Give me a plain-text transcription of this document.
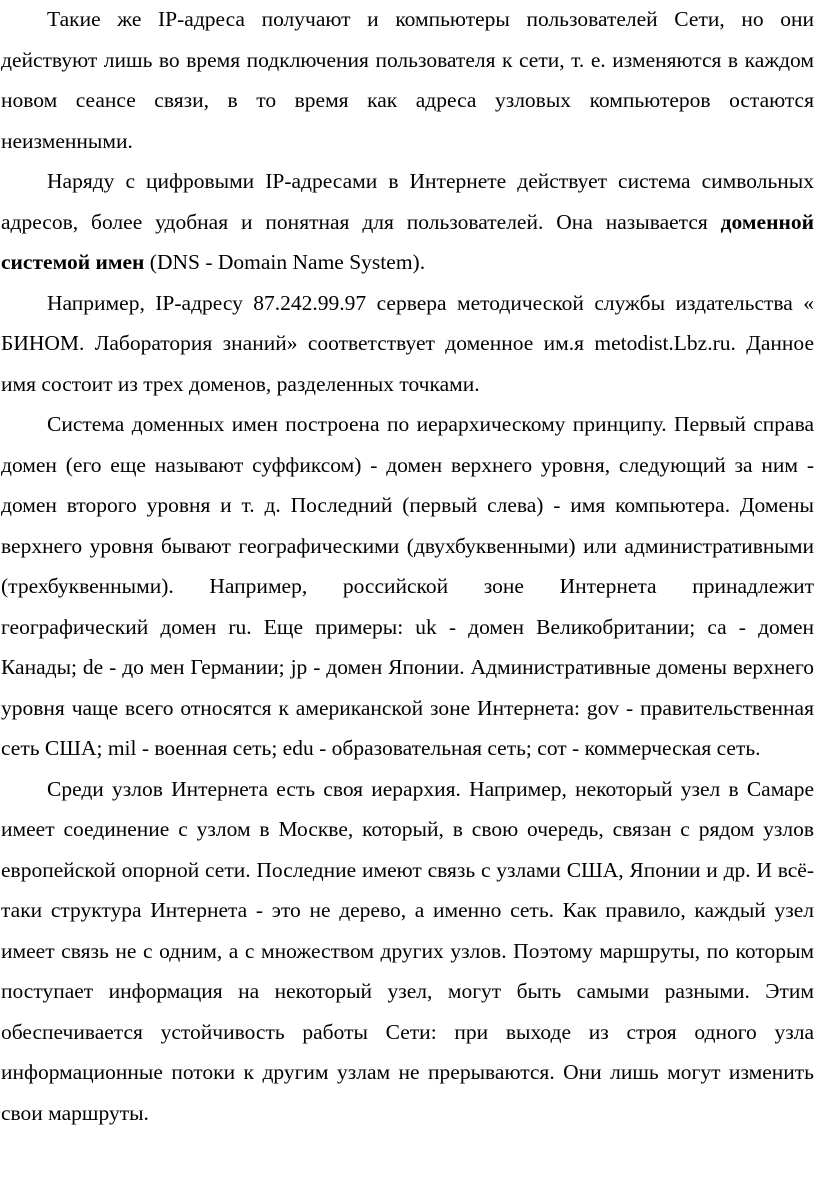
Такие же IP-адреса получают и компьютеры пользователей Сети, но они действуют лишь во время подключения пользователя к сети, т. е. изменяются в каждом новом сеансе связи, в то время как адреса узловых компьютеров остаются неизменными.

Наряду с цифровыми IP-адресами в Интернете действует система символьных адресов, более удобная и понятная для пользователей. Она называется доменной системой имен (DNS - Domain Name System).

Например, IP-адресу 87.242.99.97 сервера методической службы издательства « БИНОМ. Лаборатория знаний» соответствует доменное им.я metodist.Lbz.ru. Данное имя состоит из трех доменов, разделенных точками.

Система доменных имен построена по иерархическому принципу. Первый справа домен (его еще называют суффиксом) - домен верхнего уровня, следующий за ним - домен второго уровня и т. д. Последний (первый слева) - имя компьютера. Домены верхнего уровня бывают географическими (двухбуквенными) или административными (трехбуквенными). Например, российской зоне Интернета принадлежит географический домен ru. Еще примеры: uk - домен Великобритании; са - домен Канады; de - до мен Германии; jp - домен Японии. Административные домены верхнего уровня чаще всего относятся к американской зоне Интернета: gov - правительственная сеть США; mil - военная сеть; edu - образовательная сеть; сот - коммерческая сеть.

Среди узлов Интернета есть своя иерархия. Например, некоторый узел в Самаре имеет соединение с узлом в Москве, который, в свою очередь, связан с рядом узлов европейской опорной сети. Последние имеют связь с узлами США, Японии и др. И всё-таки структура Интернета - это не дерево, а именно сеть. Как правило, каждый узел имеет связь не с одним, а с множеством других узлов. Поэтому маршруты, по которым поступает информация на некоторый узел, могут быть самыми разными. Этим обеспечивается устойчивость работы Сети: при выходе из строя одного узла информационные потоки к другим узлам не прерываются. Они лишь могут изменить свои маршруты.
